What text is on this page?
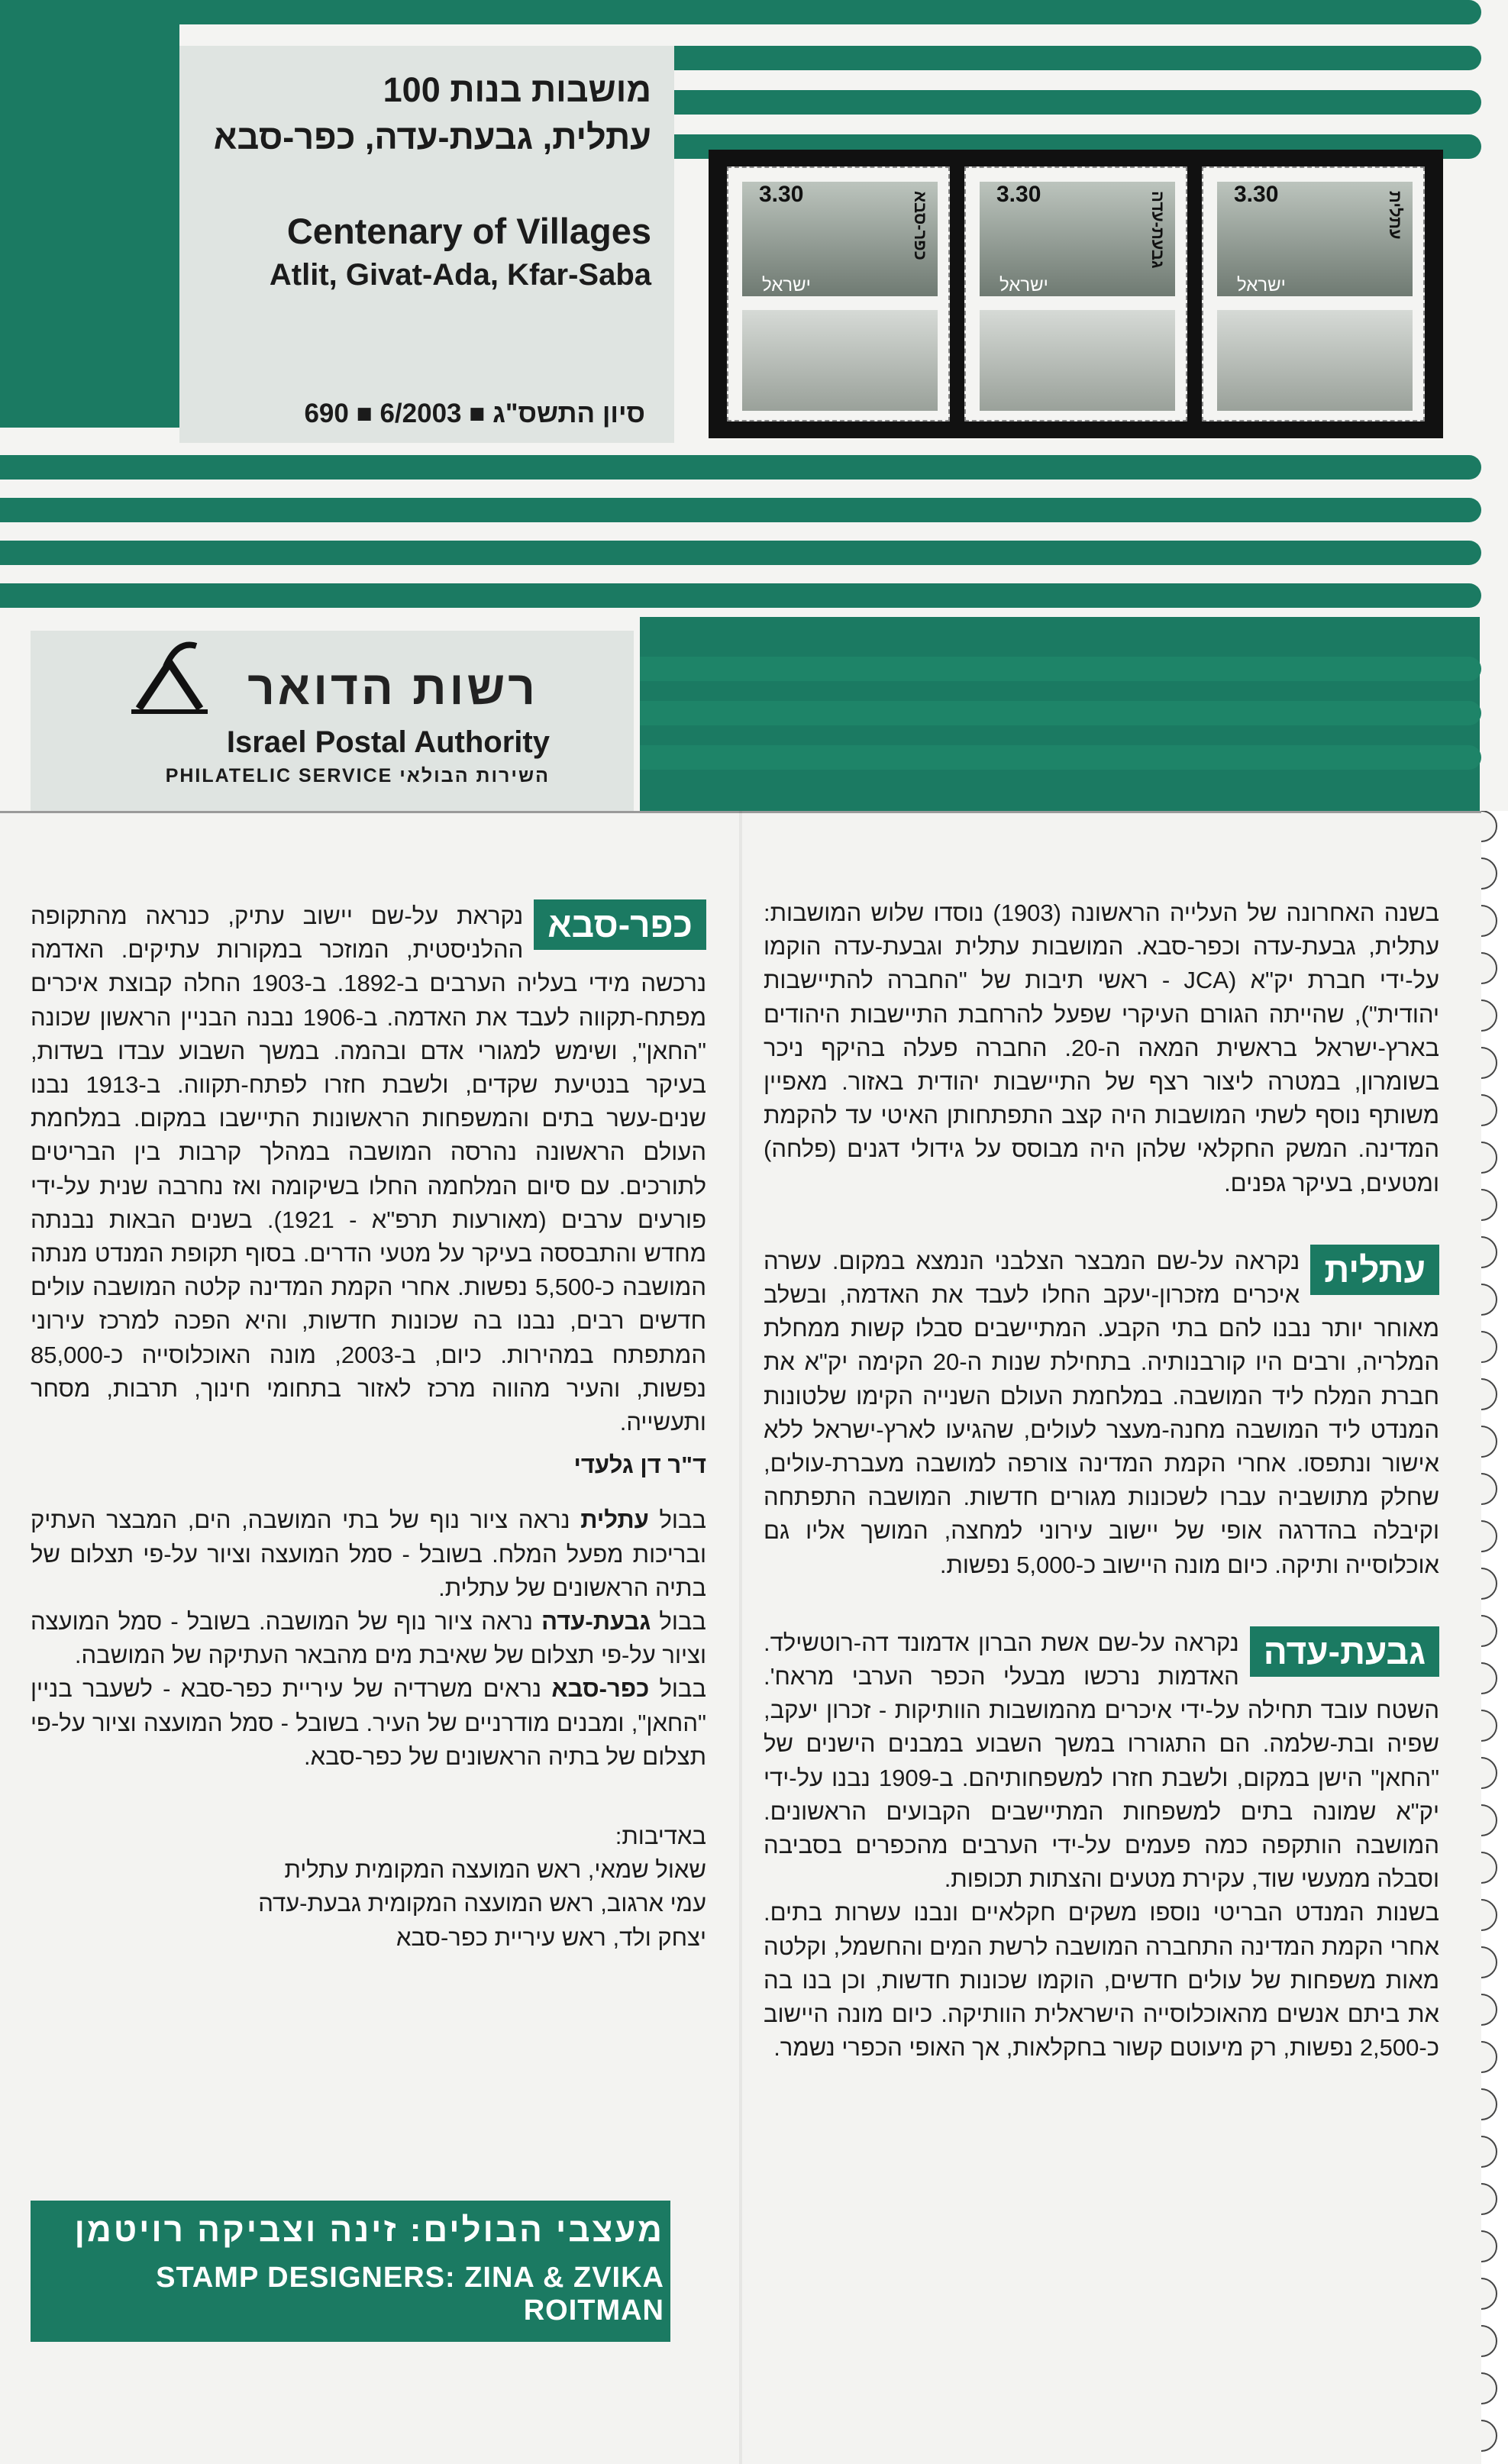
מושבות בנות 100
עתלית, גבעת-עדה, כפר-סבא
Centenary of Villages
Atlit, Givat-Ada, Kfar-Saba
690 ■ 6/2003 ■ סיון התשס"ג
3.30	כפר-סבא
ישראל
3.30	גבעת-עדה
ישראל
3.30	עתלית
ישראל
רשות הדואר
Israel Postal Authority
PHILATELIC SERVICE השירות הבולאי

בשנה האחרונה של העלייה הראשונה (1903) נוסדו שלוש המושבות: עתלית, גבעת-עדה וכפר-סבא. המושבות עתלית וגבעת-עדה הוקמו על-ידי חברת יק"א (JCA - ראשי תיבות של "החברה להתיישבות יהודית"), שהייתה הגורם העיקרי שפעל להרחבת התיישבות היהודים בארץ-ישראל בראשית המאה ה-20. החברה פעלה בהיקף ניכר בשומרון, במטרה ליצור רצף של התיישבות יהודית באזור. מאפיין משותף נוסף לשתי המושבות היה קצב התפתחותן האיטי עד להקמת המדינה. המשק החקלאי שלהן היה מבוסס על גידולי דגנים (פלחה) ומטעים, בעיקר גפנים.

עתלית
נקראה על-שם המבצר הצלבני הנמצא במקום. עשרה איכרים מזכרון-יעקב החלו לעבד את האדמה, ובשלב מאוחר יותר נבנו להם בתי הקבע. המתיישבים סבלו קשות ממחלת המלריה, ורבים היו קורבנותיה. בתחילת שנות ה-20 הקימה יק"א את חברת המלח ליד המושבה. במלחמת העולם השנייה הקימו שלטונות המנדט ליד המושבה מחנה-מעצר לעולים, שהגיעו לארץ-ישראל ללא אישור ונתפסו. אחרי הקמת המדינה צורפה למושבה מעברת-עולים, שחלק מתושביה עברו לשכונות מגורים חדשות. המושבה התפתחה וקיבלה בהדרגה אופי של יישוב עירוני למחצה, המושך אליו גם אוכלוסייה ותיקה. כיום מונה היישוב כ-5,000 נפשות.

גבעת-עדה
נקראה על-שם אשת הברון אדמונד דה-רוטשילד. האדמות נרכשו מבעלי הכפר הערבי מראח'. השטח עובד תחילה על-ידי איכרים מהמושבות הוותיקות - זכרון יעקב, שפיה ובת-שלמה. הם התגוררו במשך השבוע במבנים הישנים של "החאן" הישן במקום, ולשבת חזרו למשפחותיהם. ב-1909 נבנו על-ידי יק"א שמונה בתים למשפחות המתיישבים הקבועים הראשונים. המושבה הותקפה כמה פעמים על-ידי הערבים מהכפרים בסביבה וסבלה ממעשי שוד, עקירת מטעים והצתות תכופות.

בשנות המנדט הבריטי נוספו משקים חקלאיים ונבנו עשרות בתים. אחרי הקמת המדינה התחברה המושבה לרשת המים והחשמל, וקלטה מאות משפחות של עולים חדשים, הוקמו שכונות חדשות, וכן בנו בה את ביתם אנשים מהאוכלוסייה הישראלית הוותיקה. כיום מונה היישוב כ-2,500 נפשות, רק מיעוטם קשור בחקלאות, אך האופי הכפרי נשמר.

כפר-סבא
נקראת על-שם יישוב עתיק, כנראה מהתקופה ההלניסטית, המוזכר במקורות עתיקים. האדמה נרכשה מידי בעליה הערבים ב-1892. ב-1903 החלה קבוצת איכרים מפתח-תקווה לעבד את האדמה. ב-1906 נבנה הבניין הראשון שכונה "החאן", ושימש למגורי אדם ובהמה. במשך השבוע עבדו בשדות, בעיקר בנטיעת שקדים, ולשבת חזרו לפתח-תקווה. ב-1913 נבנו שנים-עשר בתים והמשפחות הראשונות התיישבו במקום. במלחמת העולם הראשונה נהרסה המושבה במהלך קרבות בין הבריטים לתורכים. עם סיום המלחמה החלו בשיקומה ואז נחרבה שנית על-ידי פורעים ערבים (מאורעות תרפ"א - 1921). בשנים הבאות נבנתה מחדש והתבססה בעיקר על מטעי הדרים. בסוף תקופת המנדט מנתה המושבה כ-5,500 נפשות. אחרי הקמת המדינה קלטה המושבה עולים חדשים רבים, נבנו בה שכונות חדשות, והיא הפכה למרכז עירוני המתפתח במהירות. כיום, ב-2003, מונה האוכלוסייה כ-85,000 נפשות, והעיר מהווה מרכז לאזור בתחומי חינוך, תרבות, מסחר ותעשייה.

ד"ר דן גלעדי

בבול עתלית נראה ציור נוף של בתי המושבה, הים, המבצר העתיק ובריכות מפעל המלח. בשובל - סמל המועצה וציור על-פי תצלום של בתיה הראשונים של עתלית.

בבול גבעת-עדה נראה ציור נוף של המושבה. בשובל - סמל המועצה וציור על-פי תצלום של שאיבת מים מהבאר העתיקה של המושבה.

בבול כפר-סבא נראים משרדיה של עיריית כפר-סבא - לשעבר בניין "החאן", ומבנים מודרניים של העיר. בשובל - סמל המועצה וציור על-פי תצלום של בתיה הראשונים של כפר-סבא.

באדיבות:

שאול שמאי, ראש המועצה המקומית עתלית

עמי ארגוב, ראש המועצה המקומית גבעת-עדה

יצחק ולד, ראש עיריית כפר-סבא

מעצבי הבולים: זינה וצביקה רויטמן
STAMP DESIGNERS: ZINA & ZVIKA ROITMAN
